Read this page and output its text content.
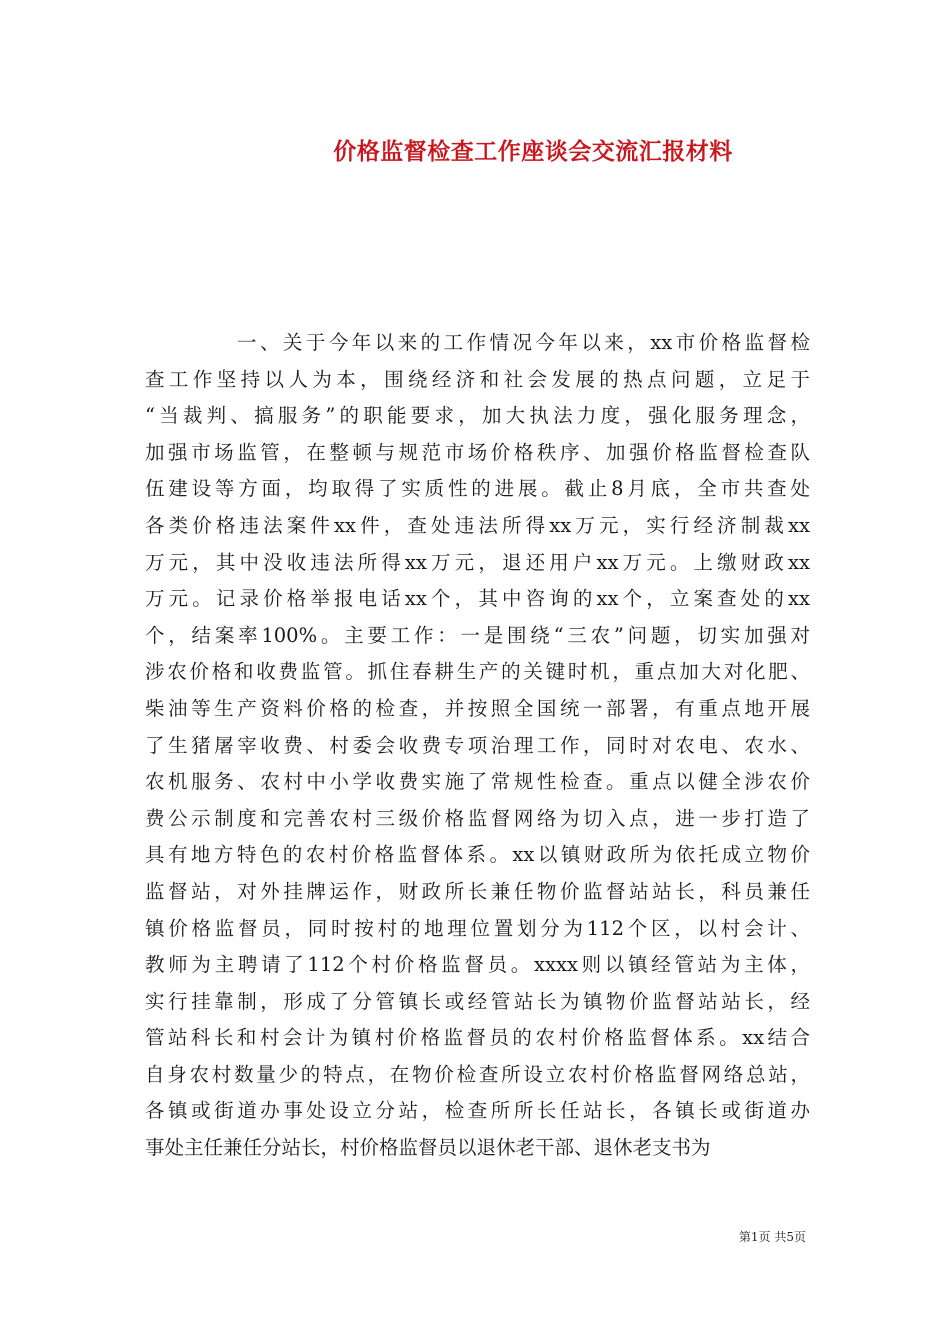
价格监督检查工作座谈会交流汇报材料
一、关于今年以来的工作情况今年以来，xx市价格监督检
查工作坚持以人为本，围绕经济和社会发展的热点问题，立足于
“当裁判、搞服务”的职能要求，加大执法力度，强化服务理念，
加强市场监管，在整顿与规范市场价格秩序、加强价格监督检查队
伍建设等方面，均取得了实质性的进展。截止8月底，全市共查处
各类价格违法案件xx件，查处违法所得xx万元，实行经济制裁xx
万元，其中没收违法所得xx万元，退还用户xx万元。上缴财政xx
万元。记录价格举报电话xx个，其中咨询的xx个，立案查处的xx
个，结案率100%。主要工作：一是围绕“三农”问题，切实加强对
涉农价格和收费监管。抓住春耕生产的关键时机，重点加大对化肥、
柴油等生产资料价格的检查，并按照全国统一部署，有重点地开展
了生猪屠宰收费、村委会收费专项治理工作，同时对农电、农水、
农机服务、农村中小学收费实施了常规性检查。重点以健全涉农价
费公示制度和完善农村三级价格监督网络为切入点，进一步打造了
具有地方特色的农村价格监督体系。xx以镇财政所为依托成立物价
监督站，对外挂牌运作，财政所长兼任物价监督站站长，科员兼任
镇价格监督员，同时按村的地理位置划分为112个区，以村会计、
教师为主聘请了112个村价格监督员。xxxx则以镇经管站为主体，
实行挂靠制，形成了分管镇长或经管站长为镇物价监督站站长，经
管站科长和村会计为镇村价格监督员的农村价格监督体系。xx结合
自身农村数量少的特点，在物价检查所设立农村价格监督网络总站，
各镇或街道办事处设立分站，检查所所长任站长，各镇长或街道办
事处主任兼任分站长，村价格监督员以退休老干部、退休老支书为
第1页 共5页
